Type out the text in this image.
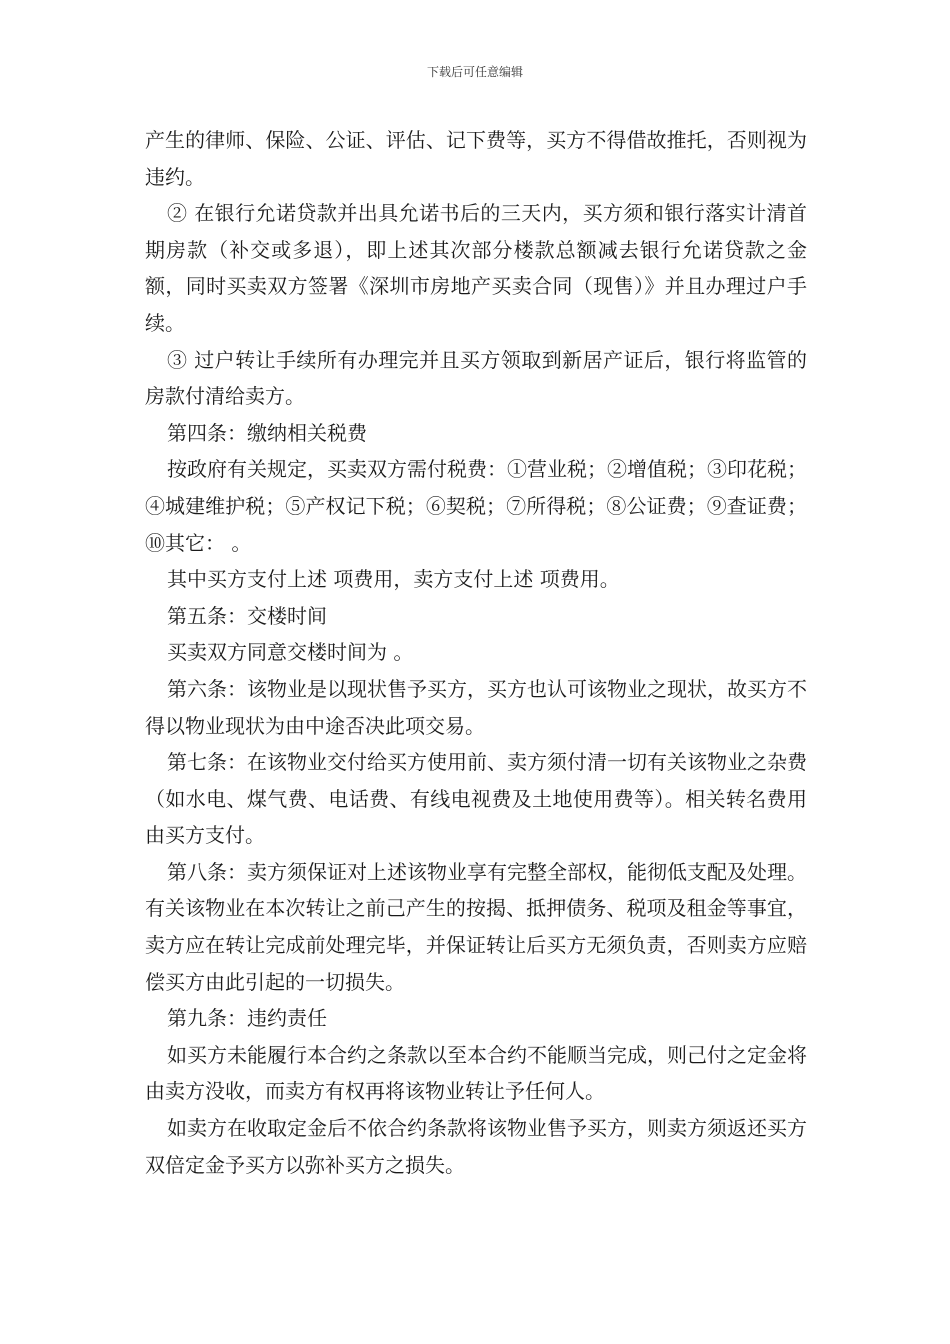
下载后可任意编辑

产生的律师、保险、公证、评估、记下费等，买方不得借故推托，否则视为违约。

② 在银行允诺贷款并出具允诺书后的三天内，买方须和银行落实计清首期房款（补交或多退），即上述其次部分楼款总额减去银行允诺贷款之金额，同时买卖双方签署《深圳市房地产买卖合同（现售）》并且办理过户手续。

③ 过户转让手续所有办理完并且买方领取到新居产证后，银行将监管的房款付清给卖方。

第四条：缴纳相关税费

按政府有关规定，买卖双方需付税费：①营业税；②增值税；③印花税；④城建维护税；⑤产权记下税；⑥契税；⑦所得税；⑧公证费；⑨查证费；⑩其它： 。

其中买方支付上述 项费用，卖方支付上述 项费用。

第五条：交楼时间

买卖双方同意交楼时间为 。

第六条：该物业是以现状售予买方，买方也认可该物业之现状，故买方不得以物业现状为由中途否决此项交易。

第七条：在该物业交付给买方使用前、卖方须付清一切有关该物业之杂费（如水电、煤气费、电话费、有线电视费及土地使用费等）。相关转名费用由买方支付。

第八条：卖方须保证对上述该物业享有完整全部权，能彻低支配及处理。有关该物业在本次转让之前己产生的按揭、抵押债务、税项及租金等事宜，卖方应在转让完成前处理完毕，并保证转让后买方无须负责，否则卖方应赔偿买方由此引起的一切损失。

第九条：违约责任

如买方未能履行本合约之条款以至本合约不能顺当完成，则己付之定金将由卖方没收，而卖方有权再将该物业转让予任何人。

如卖方在收取定金后不依合约条款将该物业售予买方，则卖方须返还买方双倍定金予买方以弥补买方之损失。
